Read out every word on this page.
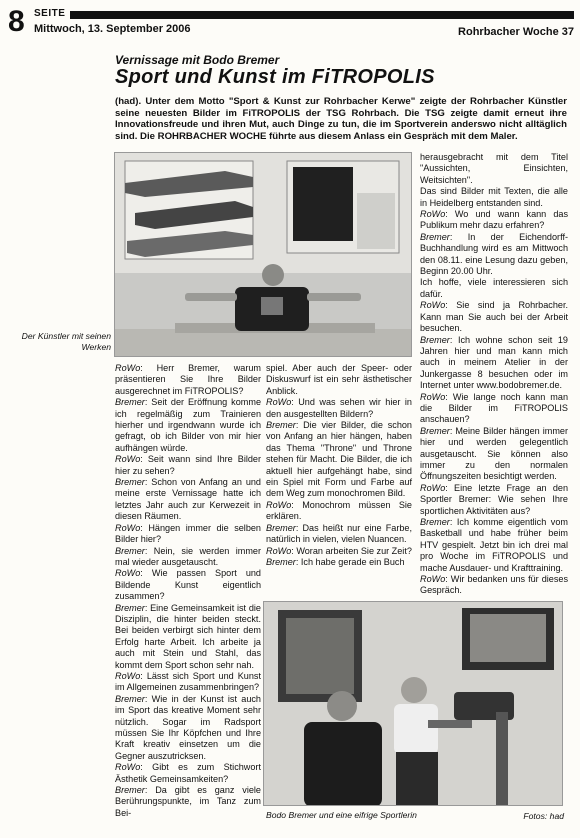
8 SEITE
Mittwoch, 13. September 2006	Rohrbacher Woche 37
Vernissage mit Bodo Bremer
Sport und Kunst im FiTROPOLIS
(had). Unter dem Motto "Sport & Kunst zur Rohrbacher Kerwe" zeigte der Rohrbacher Künstler seine neuesten Bilder im FiTROPOLIS der TSG Rohrbach. Die TSG zeigte damit erneut ihre Innovationsfreude und ihren Mut, auch Dinge zu tun, die im Sportverein anderswo nicht alltäglich sind. Die ROHRBACHER WOCHE führte aus diesem Anlass ein Gespräch mit dem Maler.
Der Künstler mit seinen Werken

RoWo: Herr Bremer, warum präsentieren Sie Ihre Bilder ausgerechnet im FiTROPOLIS?

Bremer: Seit der Eröffnung komme ich regelmäßig zum Trainieren hierher und irgendwann wurde ich gefragt, ob ich Bilder von mir hier aufhängen würde.

RoWo: Seit wann sind Ihre Bilder hier zu sehen?

Bremer: Schon von Anfang an und meine erste Vernissage hatte ich letztes Jahr auch zur Kerwezeit in diesen Räumen.

RoWo: Hängen immer die selben Bilder hier?

Bremer: Nein, sie werden immer mal wieder ausgetauscht.

RoWo: Wie passen Sport und Bildende Kunst eigentlich zusammen?

Bremer: Eine Gemeinsamkeit ist die Disziplin, die hinter beiden steckt. Bei beiden verbirgt sich hinter dem Erfolg harte Arbeit. Ich arbeite ja auch mit Stein und Stahl, das kommt dem Sport schon sehr nah.

RoWo: Lässt sich Sport und Kunst im Allgemeinen zusammenbringen?

Bremer: Wie in der Kunst ist auch im Sport das kreative Moment sehr nützlich. Sogar im Radsport müssen Sie Ihr Köpfchen und Ihre Kraft kreativ einsetzen um die Gegner auszutricksen.

RoWo: Gibt es zum Stichwort Ästhetik Gemeinsamkeiten?

Bremer: Da gibt es ganz viele Berührungspunkte, im Tanz zum Bei-

spiel. Aber auch der Speer- oder Diskuswurf ist ein sehr ästhetischer Anblick.

RoWo: Und was sehen wir hier in den ausgestellten Bildern?

Bremer: Die vier Bilder, die schon von Anfang an hier hängen, haben das Thema "Throne" und Throne stehen für Macht. Die Bilder, die ich aktuell hier aufgehängt habe, sind ein Spiel mit Form und Farbe auf dem Weg zum monochromen Bild.

RoWo: Monochrom müssen Sie erklären.

Bremer: Das heißt nur eine Farbe, natürlich in vielen, vielen Nuancen.

RoWo: Woran arbeiten Sie zur Zeit?

Bremer: Ich habe gerade ein Buch

herausgebracht mit dem Titel "Aussichten, Einsichten, Weitsichten".

Das sind Bilder mit Texten, die alle in Heidelberg entstanden sind.

RoWo: Wo und wann kann das Publikum mehr dazu erfahren?

Bremer: In der Eichendorff-Buchhandlung wird es am Mittwoch den 08.11. eine Lesung dazu geben, Beginn 20.00 Uhr.

Ich hoffe, viele interessieren sich dafür.

RoWo: Sie sind ja Rohrbacher. Kann man Sie auch bei der Arbeit besuchen.

Bremer: Ich wohne schon seit 19 Jahren hier und man kann mich auch in meinem Atelier in der Junkergasse 8 besuchen oder im Internet unter www.bodobremer.de.

RoWo: Wie lange noch kann man die Bilder im FiTROPOLIS anschauen?

Bremer: Meine Bilder hängen immer hier und werden gelegentlich ausgetauscht. Sie können also immer zu den normalen Öffnungszeiten besichtigt werden.

RoWo: Eine letzte Frage an den Sportler Bremer: Wie sehen Ihre sportlichen Aktivitäten aus?

Bremer: Ich komme eigentlich vom Basketball und habe früher beim HTV gespielt. Jetzt bin ich drei mal pro Woche im FiTROPOLIS und mache Ausdauer- und Krafttraining.

RoWo: Wir bedanken uns für dieses Gespräch.

Bodo Bremer und eine eifrige Sportlerin	Fotos: had
